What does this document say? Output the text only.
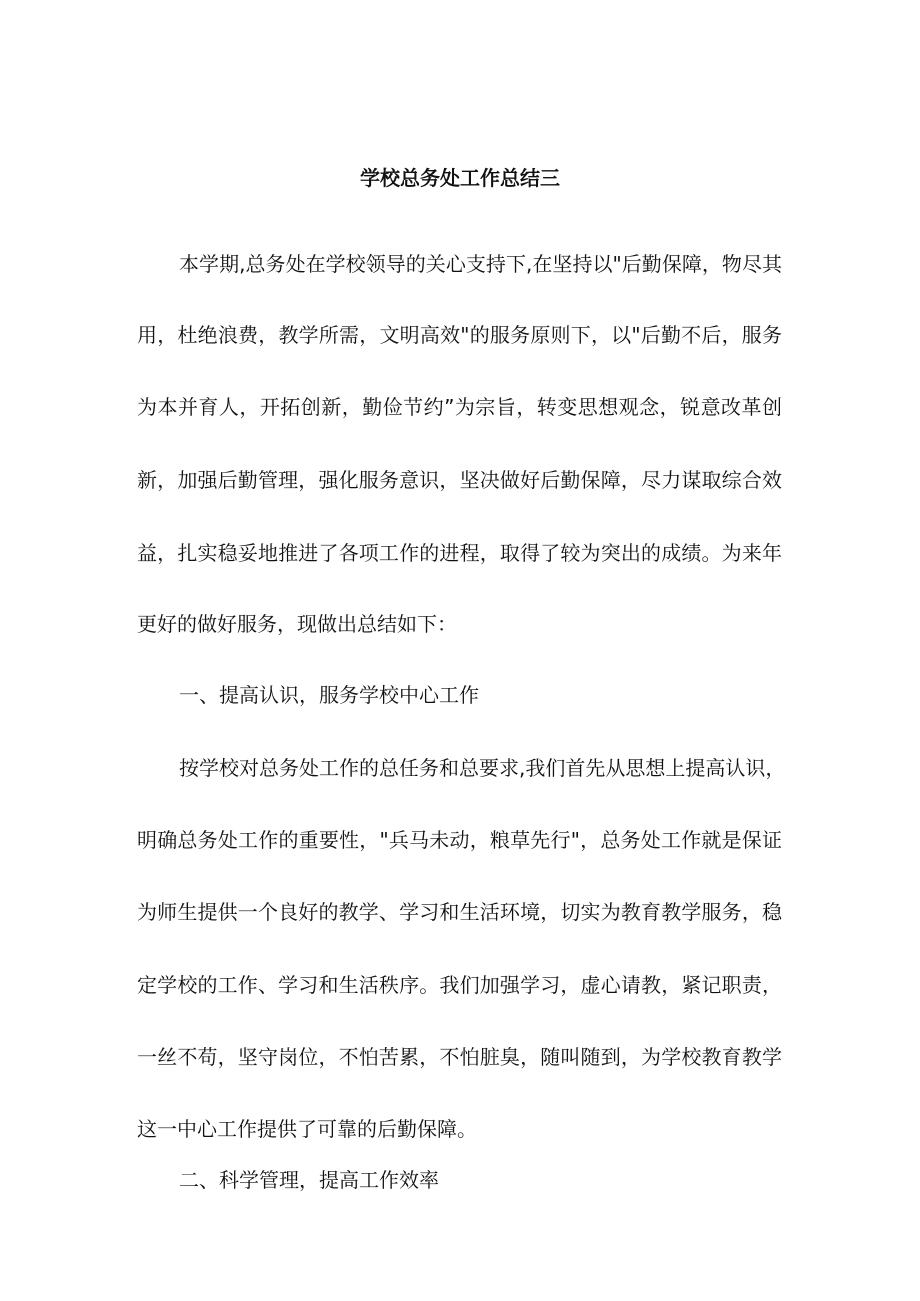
学校总务处工作总结三
本学期,总务处在学校领导的关心支持下,在坚持以"后勤保障，物尽其
用，杜绝浪费，教学所需，文明高效"的服务原则下，以"后勤不后，服务
为本并育人，开拓创新，勤俭节约”为宗旨，转变思想观念，锐意改革创
新，加强后勤管理，强化服务意识，坚决做好后勤保障，尽力谋取综合效
益，扎实稳妥地推进了各项工作的进程，取得了较为突出的成绩。为来年
更好的做好服务，现做出总结如下：
一、提高认识，服务学校中心工作
按学校对总务处工作的总任务和总要求,我们首先从思想上提高认识，
明确总务处工作的重要性，"兵马未动，粮草先行"，总务处工作就是保证
为师生提供一个良好的教学、学习和生活环境，切实为教育教学服务，稳
定学校的工作、学习和生活秩序。我们加强学习，虚心请教，紧记职责，
一丝不苟，坚守岗位，不怕苦累，不怕脏臭，随叫随到，为学校教育教学
这一中心工作提供了可靠的后勤保障。
二、科学管理，提高工作效率
